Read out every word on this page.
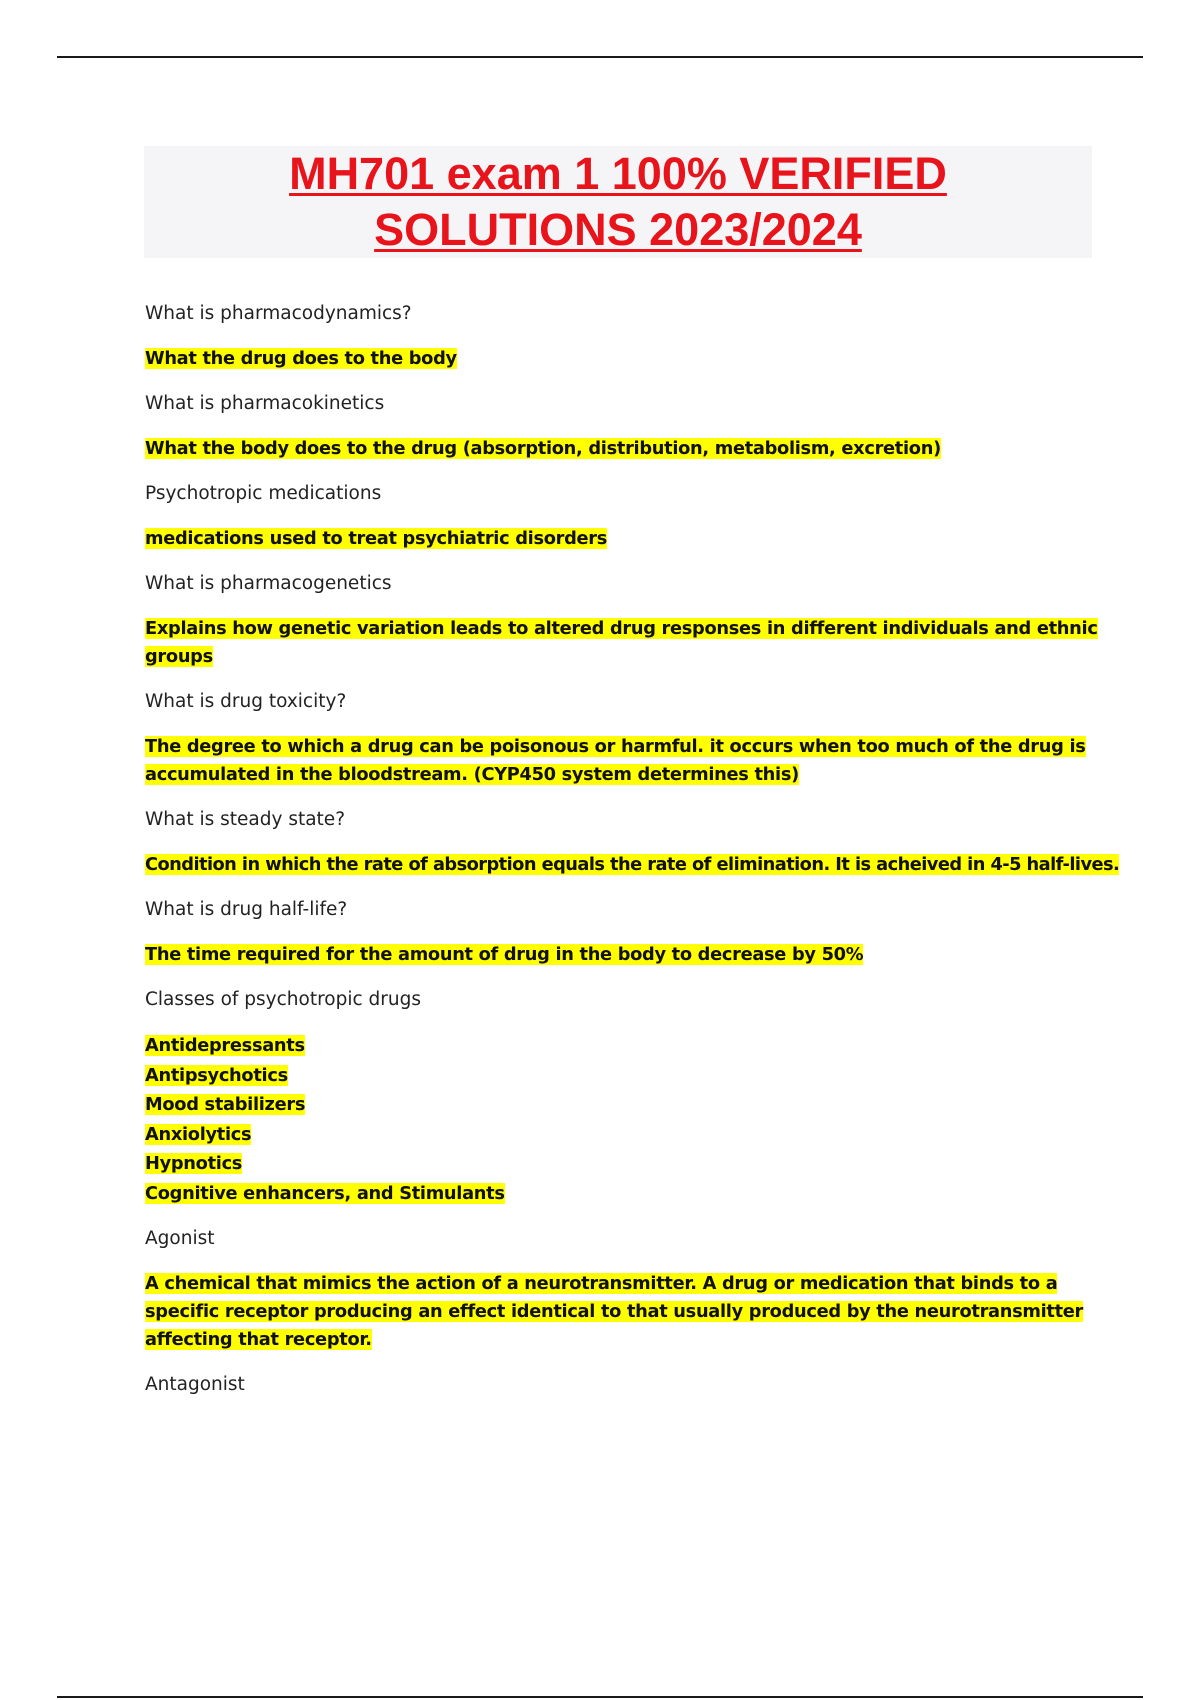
MH701 exam 1 100% VERIFIED
SOLUTIONS 2023/2024
What is pharmacodynamics?
What the drug does to the body
What is pharmacokinetics
What the body does to the drug (absorption, distribution, metabolism, excretion)
Psychotropic medications
medications used to treat psychiatric disorders
What is pharmacogenetics
Explains how genetic variation leads to altered drug responses in different individuals and ethnic groups
What is drug toxicity?
The degree to which a drug can be poisonous or harmful. it occurs when too much of the drug is accumulated in the bloodstream. (CYP450 system determines this)
What is steady state?
Condition in which the rate of absorption equals the rate of elimination. It is acheived in 4-5 half-lives.
What is drug half-life?
The time required for the amount of drug in the body to decrease by 50%
Classes of psychotropic drugs
Antidepressants
Antipsychotics
Mood stabilizers
Anxiolytics
Hypnotics
Cognitive enhancers, and Stimulants
Agonist
A chemical that mimics the action of a neurotransmitter. A drug or medication that binds to a specific receptor producing an effect identical to that usually produced by the neurotransmitter affecting that receptor.
Antagonist
